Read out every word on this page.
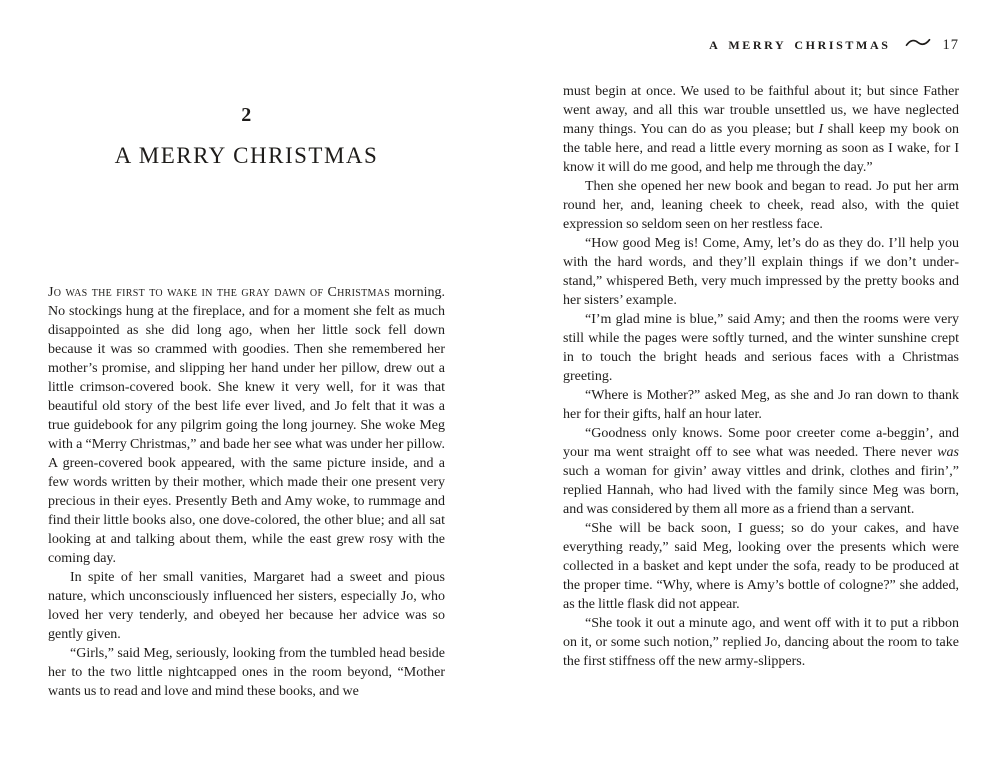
2
A MERRY CHRISTMAS

Jo was the first to wake in the gray dawn of Christmas morning. No stockings hung at the fireplace, and for a moment she felt as much disappointed as she did long ago, when her little sock fell down because it was so crammed with goodies. Then she remembered her mother’s promise, and slipping her hand under her pillow, drew out a little crimson-covered book. She knew it very well, for it was that beautiful old story of the best life ever lived, and Jo felt that it was a true guidebook for any pilgrim going the long journey. She woke Meg with a “Merry Christmas,” and bade her see what was under her pillow. A green-covered book appeared, with the same picture inside, and a few words written by their mother, which made their one present very precious in their eyes. Presently Beth and Amy woke, to rummage and find their little books also, one dove-colored, the other blue; and all sat looking at and talking about them, while the east grew rosy with the coming day.

In spite of her small vanities, Margaret had a sweet and pious nature, which unconsciously influenced her sisters, especially Jo, who loved her very tenderly, and obeyed her because her advice was so gently given.

“Girls,” said Meg, seriously, looking from the tumbled head beside her to the two little nightcapped ones in the room beyond, “Mother wants us to read and love and mind these books, and we

A MERRY CHRISTMAS	17

must begin at once. We used to be faithful about it; but since Father went away, and all this war trouble unsettled us, we have neglected many things. You can do as you please; but I shall keep my book on the table here, and read a little every morning as soon as I wake, for I know it will do me good, and help me through the day.”

Then she opened her new book and began to read. Jo put her arm round her, and, leaning cheek to cheek, read also, with the quiet expression so seldom seen on her restless face.

“How good Meg is! Come, Amy, let’s do as they do. I’ll help you with the hard words, and they’ll explain things if we don’t understand,” whispered Beth, very much impressed by the pretty books and her sisters’ example.

“I’m glad mine is blue,” said Amy; and then the rooms were very still while the pages were softly turned, and the winter sunshine crept in to touch the bright heads and serious faces with a Christmas greeting.

“Where is Mother?” asked Meg, as she and Jo ran down to thank her for their gifts, half an hour later.

“Goodness only knows. Some poor creeter come a-beggin’, and your ma went straight off to see what was needed. There never was such a woman for givin’ away vittles and drink, clothes and firin’,” replied Hannah, who had lived with the family since Meg was born, and was considered by them all more as a friend than a servant.

“She will be back soon, I guess; so do your cakes, and have everything ready,” said Meg, looking over the presents which were collected in a basket and kept under the sofa, ready to be produced at the proper time. “Why, where is Amy’s bottle of cologne?” she added, as the little flask did not appear.

“She took it out a minute ago, and went off with it to put a ribbon on it, or some such notion,” replied Jo, dancing about the room to take the first stiffness off the new army-slippers.
